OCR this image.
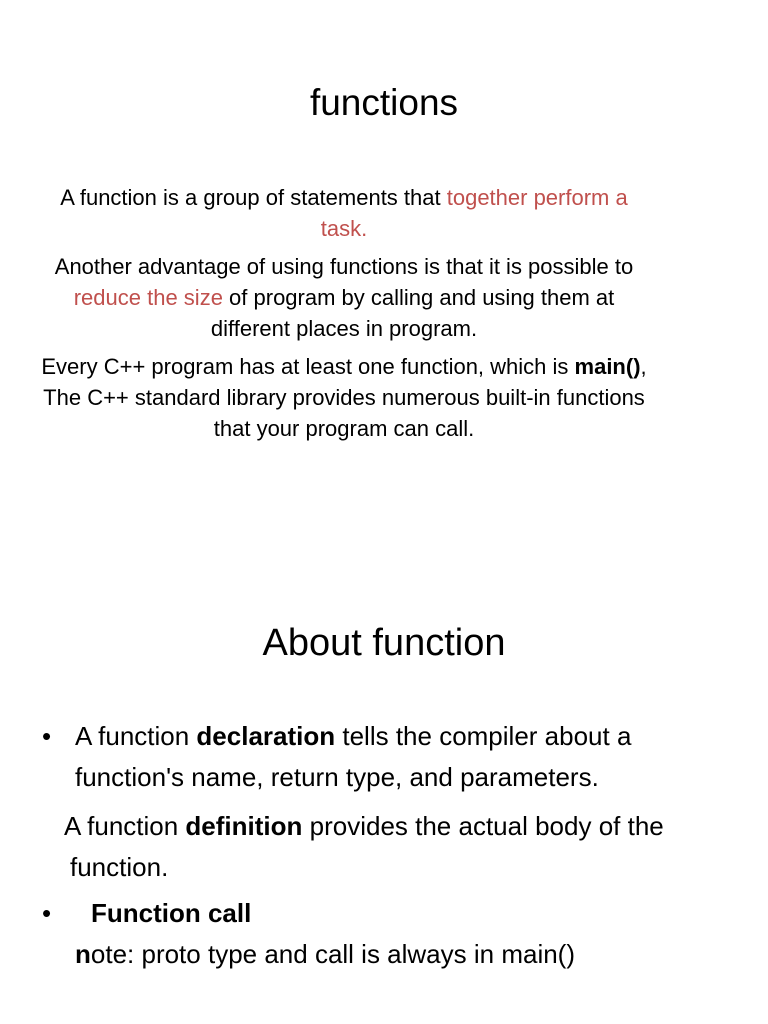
functions

A function is a group of statements that together perform a task.

Another advantage of using functions is that it is possible to reduce the size of program by calling and using them at different places in program.

Every C++ program has at least one function, which is main(), The C++ standard library provides numerous built-in functions that your program can call.

About function
• A function declaration tells the compiler about a function's name, return type, and parameters.
A function definition provides the actual body of the function.
•	Function call
note: proto type and call is always in main()
